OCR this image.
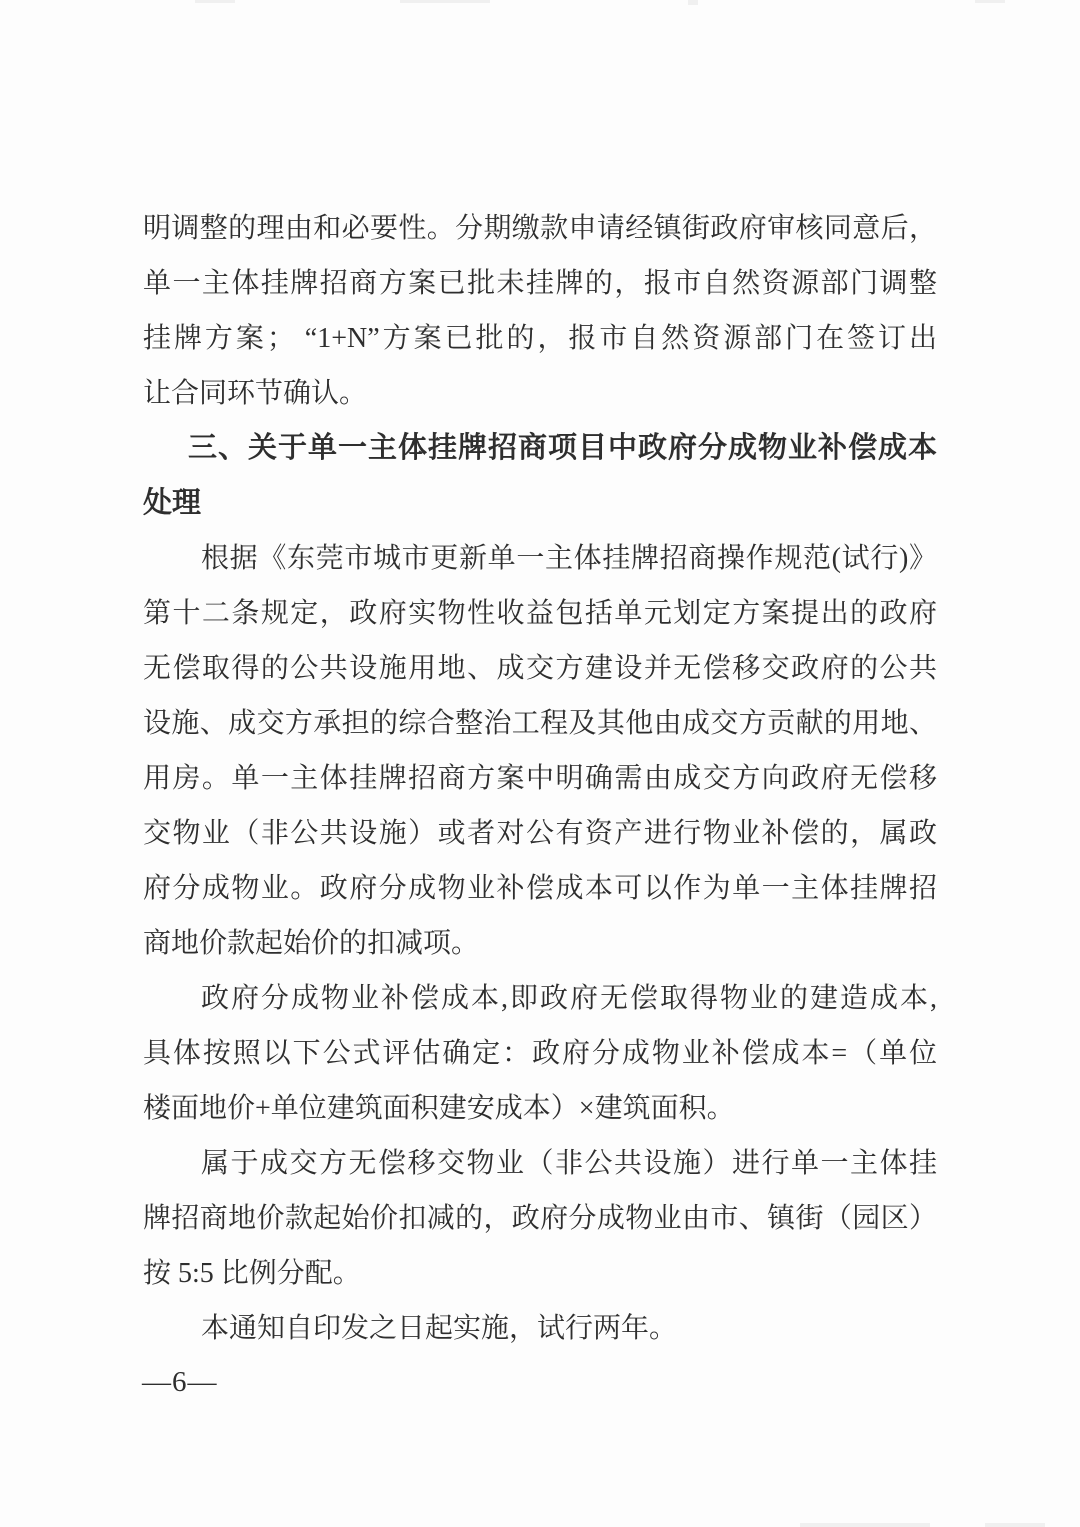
明调整的理由和必要性。分期缴款申请经镇街政府审核同意后，

单一主体挂牌招商方案已批未挂牌的，报市自然资源部门调整

挂牌方案； “1+N”方案已批的，报市自然资源部门在签订出

让合同环节确认。

三、关于单一主体挂牌招商项目中政府分成物业补偿成本

处理

根据《东莞市城市更新单一主体挂牌招商操作规范(试行)》

第十二条规定，政府实物性收益包括单元划定方案提出的政府

无偿取得的公共设施用地、成交方建设并无偿移交政府的公共

设施、成交方承担的综合整治工程及其他由成交方贡献的用地、

用房。单一主体挂牌招商方案中明确需由成交方向政府无偿移

交物业（非公共设施）或者对公有资产进行物业补偿的，属政

府分成物业。政府分成物业补偿成本可以作为单一主体挂牌招

商地价款起始价的扣减项。

政府分成物业补偿成本,即政府无偿取得物业的建造成本,

具体按照以下公式评估确定：政府分成物业补偿成本=（单位

楼面地价+单位建筑面积建安成本）×建筑面积。

属于成交方无偿移交物业（非公共设施）进行单一主体挂

牌招商地价款起始价扣减的，政府分成物业由市、镇街（园区）

按 5:5 比例分配。

本通知自印发之日起实施，试行两年。

—6—
